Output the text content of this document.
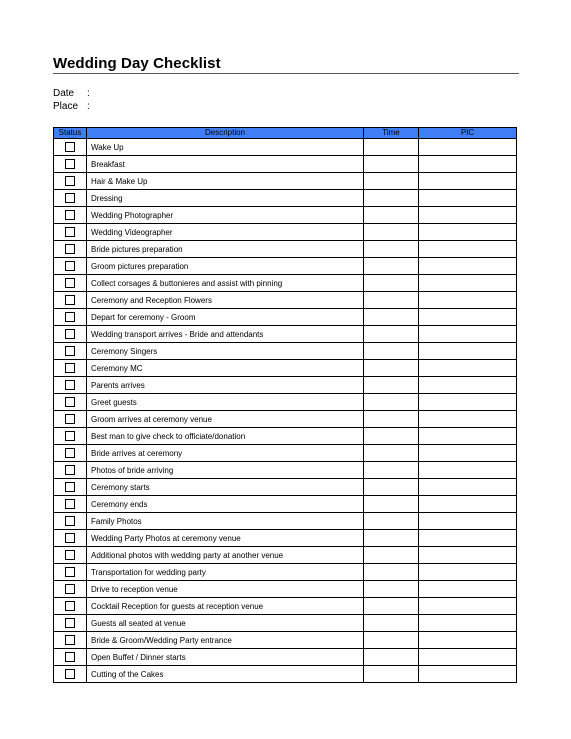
Wedding Day Checklist
Date :
Place :
Status	Description	Time	PIC
	Wake Up		
	Breakfast		
	Hair & Make Up		
	Dressing		
	Wedding Photographer		
	Wedding Videographer		
	Bride pictures preparation		
	Groom pictures preparation		
	Collect corsages & buttonieres and assist with pinning		
	Ceremony and Reception Flowers		
	Depart for ceremony - Groom		
	Wedding transport arrives - Bride and attendants		
	Ceremony Singers		
	Ceremony MC		
	Parents arrives		
	Greet guests		
	Groom arrives at ceremony venue		
	Best man to give check to officiate/donation		
	Bride arrives at ceremony		
	Photos of bride arriving		
	Ceremony starts		
	Ceremony ends		
	Family Photos		
	Wedding Party Photos at ceremony venue		
	Additional photos with wedding party at another venue		
	Transportation for wedding party		
	Drive to reception venue		
	Cocktail Reception for guests at reception venue		
	Guests all seated at venue		
	Bride & Groom/Wedding Party entrance		
	Open Buffet / Dinner starts		
	Cutting of the Cakes		
